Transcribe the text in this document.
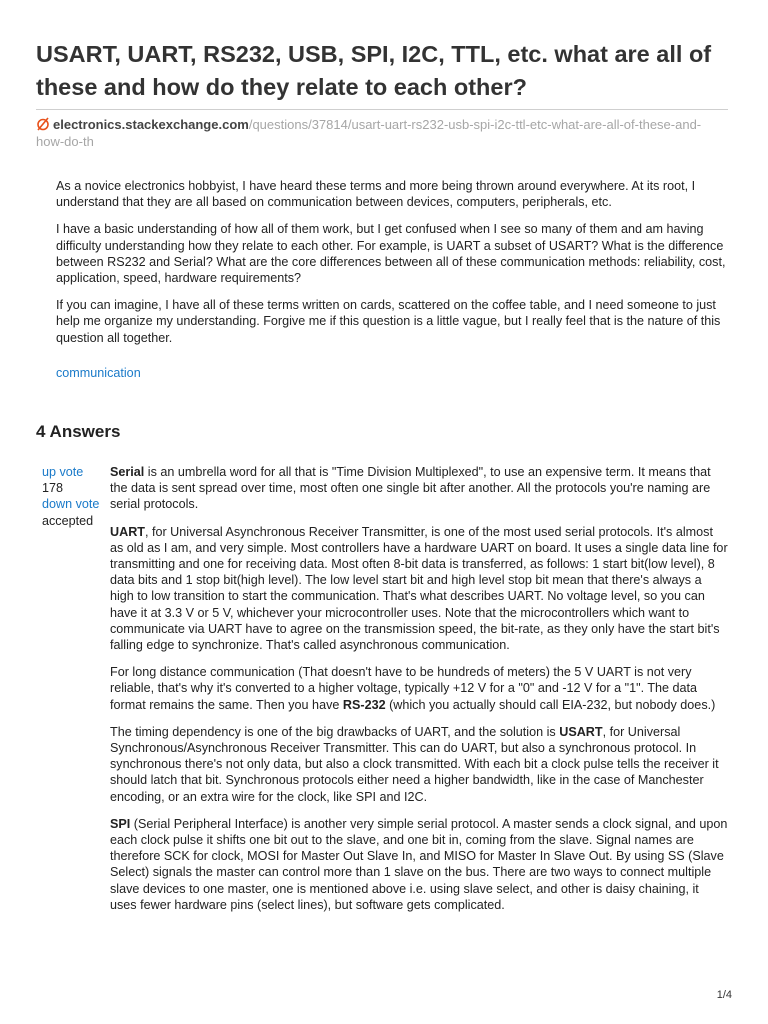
USART, UART, RS232, USB, SPI, I2C, TTL, etc. what are all of these and how do they relate to each other?
electronics.stackexchange.com/questions/37814/usart-uart-rs232-usb-spi-i2c-ttl-etc-what-are-all-of-these-and-how-do-th

As a novice electronics hobbyist, I have heard these terms and more being thrown around everywhere. At its root, I understand that they are all based on communication between devices, computers, peripherals, etc.

I have a basic understanding of how all of them work, but I get confused when I see so many of them and am having difficulty understanding how they relate to each other. For example, is UART a subset of USART? What is the difference between RS232 and Serial? What are the core differences between all of these communication methods: reliability, cost, application, speed, hardware requirements?

If you can imagine, I have all of these terms written on cards, scattered on the coffee table, and I need someone to just help me organize my understanding. Forgive me if this question is a little vague, but I really feel that is the nature of this question all together.

communication
4 Answers
up vote
178
down vote
accepted

Serial is an umbrella word for all that is "Time Division Multiplexed", to use an expensive term. It means that the data is sent spread over time, most often one single bit after another. All the protocols you're naming are serial protocols.

UART, for Universal Asynchronous Receiver Transmitter, is one of the most used serial protocols. It's almost as old as I am, and very simple. Most controllers have a hardware UART on board. It uses a single data line for transmitting and one for receiving data. Most often 8-bit data is transferred, as follows: 1 start bit(low level), 8 data bits and 1 stop bit(high level). The low level start bit and high level stop bit mean that there's always a high to low transition to start the communication. That's what describes UART. No voltage level, so you can have it at 3.3 V or 5 V, whichever your microcontroller uses. Note that the microcontrollers which want to communicate via UART have to agree on the transmission speed, the bit-rate, as they only have the start bit's falling edge to synchronize. That's called asynchronous communication.

For long distance communication (That doesn't have to be hundreds of meters) the 5 V UART is not very reliable, that's why it's converted to a higher voltage, typically +12 V for a "0" and -12 V for a "1". The data format remains the same. Then you have RS-232 (which you actually should call EIA-232, but nobody does.)

The timing dependency is one of the big drawbacks of UART, and the solution is USART, for Universal Synchronous/Asynchronous Receiver Transmitter. This can do UART, but also a synchronous protocol. In synchronous there's not only data, but also a clock transmitted. With each bit a clock pulse tells the receiver it should latch that bit. Synchronous protocols either need a higher bandwidth, like in the case of Manchester encoding, or an extra wire for the clock, like SPI and I2C.

SPI (Serial Peripheral Interface) is another very simple serial protocol. A master sends a clock signal, and upon each clock pulse it shifts one bit out to the slave, and one bit in, coming from the slave. Signal names are therefore SCK for clock, MOSI for Master Out Slave In, and MISO for Master In Slave Out. By using SS (Slave Select) signals the master can control more than 1 slave on the bus. There are two ways to connect multiple slave devices to one master, one is mentioned above i.e. using slave select, and other is daisy chaining, it uses fewer hardware pins (select lines), but software gets complicated.

1/4
